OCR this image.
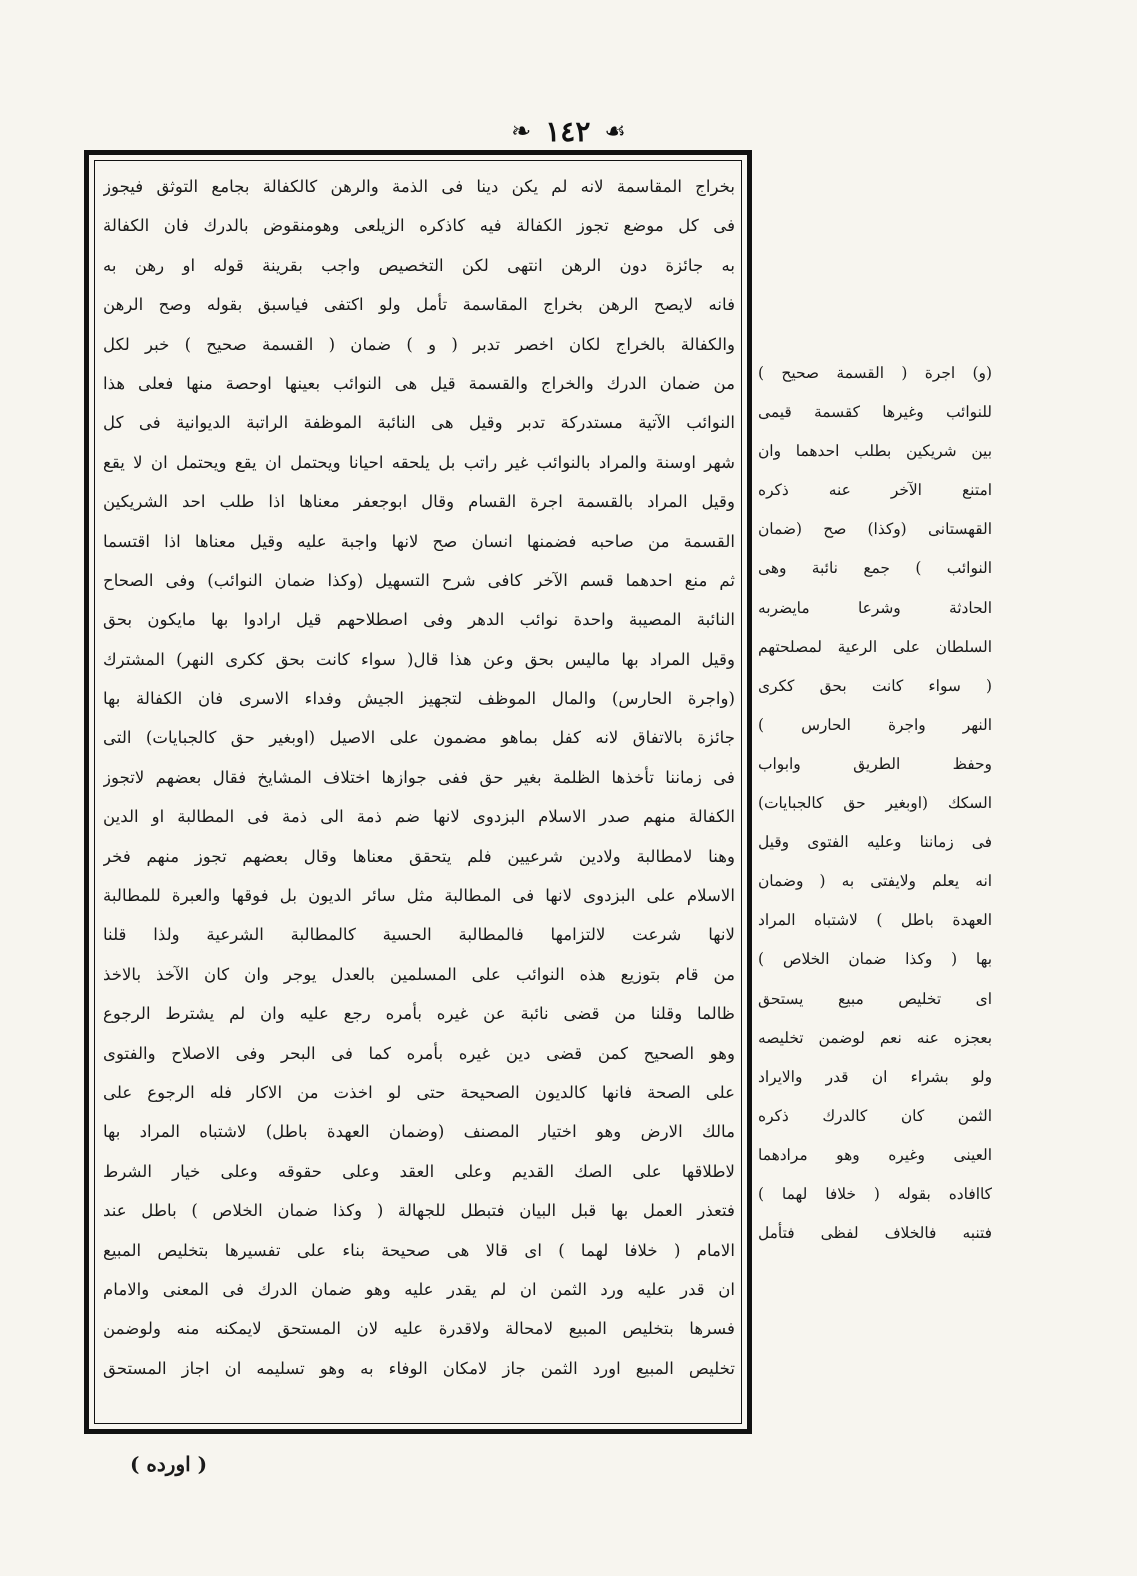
❧ ١٤٢ ☙
بخراج المقاسمة لانه لم يكن دينا فى الذمة والرهن كالكفالة بجامع التوثق فيجوز
فى كل موضع تجوز الكفالة فيه كاذكره الزيلعى وهومنقوض بالدرك فان الكفالة
به جائزة دون الرهن انتهى لكن التخصيص واجب بقرينة قوله او رهن به
فانه لايصح الرهن بخراج المقاسمة تأمل ولو اكتفى فياسبق بقوله وصح الرهن
والكفالة بالخراج لكان اخصر تدبر ( و ) ضمان ( القسمة صحيح ) خبر لكل
من ضمان الدرك والخراج والقسمة قيل هى النوائب بعينها اوحصة منها فعلى هذا
النوائب الآتية مستدركة تدبر وقيل هى النائبة الموظفة الراتبة الديوانية فى كل
شهر اوسنة والمراد بالنوائب غير راتب بل يلحقه احيانا ويحتمل ان يقع ويحتمل ان لا يقع
وقيل المراد بالقسمة اجرة القسام وقال ابوجعفر معناها اذا طلب احد الشريكين
القسمة من صاحبه فضمنها انسان صح لانها واجبة عليه وقيل معناها اذا اقتسما
ثم منع احدهما قسم الآخر كافى شرح التسهيل (وكذا ضمان النوائب) وفى الصحاح
النائبة المصيبة واحدة نوائب الدهر وفى اصطلاحهم قيل ارادوا بها مايكون بحق
وقيل المراد بها ماليس بحق وعن هذا قال( سواء كانت بحق ككرى النهر) المشترك
(واجرة الحارس) والمال الموظف لتجهيز الجيش وفداء الاسرى فان الكفالة بها
جائزة بالاتفاق لانه كفل بماهو مضمون على الاصيل (اوبغير حق كالجبايات) التى
فى زماننا تأخذها الظلمة بغير حق ففى جوازها اختلاف المشايخ فقال بعضهم لاتجوز
الكفالة منهم صدر الاسلام البزدوى لانها ضم ذمة الى ذمة فى المطالبة او الدين
وهنا لامطالبة ولادين شرعيين فلم يتحقق معناها وقال بعضهم تجوز منهم فخر
الاسلام على البزدوى لانها فى المطالبة مثل سائر الديون بل فوقها والعبرة للمطالبة
لانها شرعت لالتزامها فالمطالبة الحسية كالمطالبة الشرعية ولذا قلنا
من قام بتوزيع هذه النوائب على المسلمين بالعدل يوجر وان كان الآخذ بالاخذ
ظالما وقلنا من قضى نائبة عن غيره بأمره رجع عليه وان لم يشترط الرجوع
وهو الصحيح كمن قضى دين غيره بأمره كما فى البحر وفى الاصلاح والفتوى
على الصحة فانها كالديون الصحيحة حتى لو اخذت من الاكار فله الرجوع على
مالك الارض وهو اختيار المصنف (وضمان العهدة باطل) لاشتباه المراد بها
لاطلاقها على الصك القديم وعلى العقد وعلى حقوقه وعلى خيار الشرط
فتعذر العمل بها قبل البيان فتبطل للجهالة ( وكذا ضمان الخلاص ) باطل عند
الامام ( خلافا لهما ) اى قالا هى صحيحة بناء على تفسيرها بتخليص المبيع
ان قدر عليه ورد الثمن ان لم يقدر عليه وهو ضمان الدرك فى المعنى والامام
فسرها بتخليص المبيع لامحالة ولاقدرة عليه لان المستحق لايمكنه منه ولوضمن
تخليص المبيع اورد الثمن جاز لامكان الوفاء به وهو تسليمه ان اجاز المستحق
(و) اجرة ( القسمة صحيح )
للنوائب وغيرها كقسمة قيمى
بين شريكين بطلب احدهما وان
امتنع الآخر عنه ذكره
القهستانى (وكذا) صح (ضمان
النوائب ) جمع نائبة وهى
الحادثة وشرعا مايضربه
السلطان على الرعية لمصلحتهم
( سواء كانت بحق ككرى
النهر واجرة الحارس )
وحفظ الطريق وابواب
السكك (اوبغير حق كالجبايات)
فى زماننا وعليه الفتوى وقيل
انه يعلم ولايفتى به ( وضمان
العهدة باطل ) لاشتباه المراد
بها ( وكذا ضمان الخلاص )
اى تخليص مبيع يستحق
بعجزه عنه نعم لوضمن تخليصه
ولو بشراء ان قدر والايراد
الثمن كان كالدرك ذكره
العينى وغيره وهو مرادهما
كاافاده بقوله ( خلافا لهما )
فتنبه فالخلاف لفظى فتأمل
( اورده )
